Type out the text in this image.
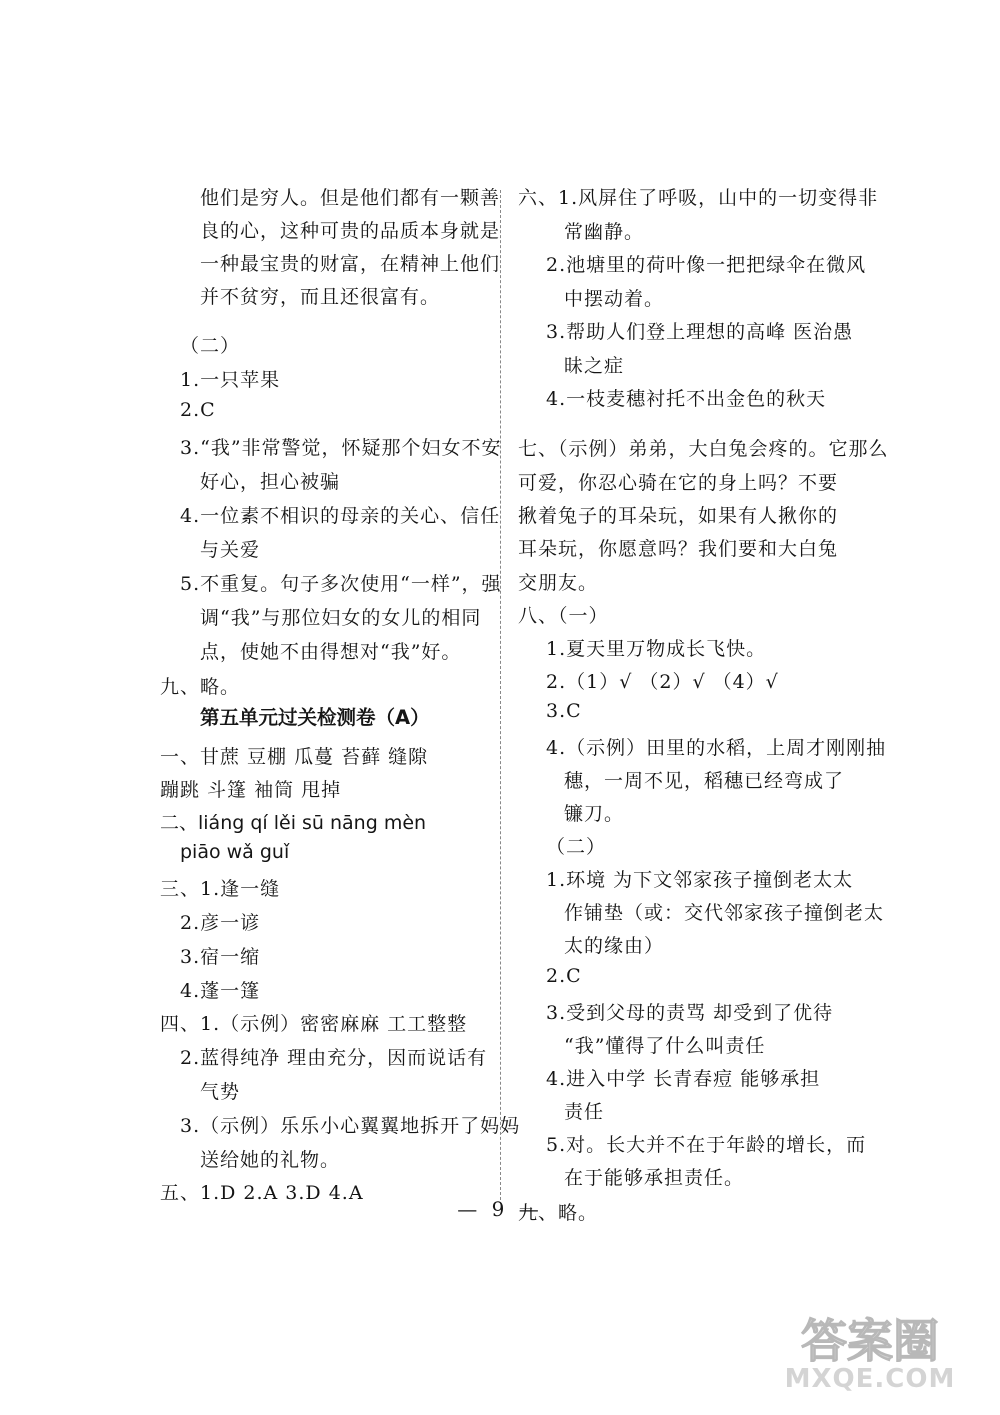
他们是穷人。但是他们都有一颗善
良的心，这种可贵的品质本身就是
一种最宝贵的财富，在精神上他们
并不贫穷，而且还很富有。
（二）
1.一只苹果
2.C
3.“我”非常警觉，怀疑那个妇女不安
好心，担心被骗
4.一位素不相识的母亲的关心、信任
与关爱
5.不重复。句子多次使用“一样”，强
调“我”与那位妇女的女儿的相同
点，使她不由得想对“我”好。
九、略。
第五单元过关检测卷（A）
一、甘蔗 豆棚 瓜蔓 苔藓 缝隙
蹦跳 斗篷 袖筒 甩掉
二、liáng qí lěi sū nāng mèn
piāo wǎ guǐ
三、1.逢一缝
2.彦一谚
3.宿一缩
4.蓬一篷
四、1.（示例）密密麻麻 工工整整
2.蓝得纯净 理由充分，因而说话有
气势
3.（示例）乐乐小心翼翼地拆开了妈妈
送给她的礼物。
五、1.D 2.A 3.D 4.A
六、1.风屏住了呼吸，山中的一切变得非
常幽静。
2.池塘里的荷叶像一把把绿伞在微风
中摆动着。
3.帮助人们登上理想的高峰 医治愚
昧之症
4.一枝麦穗衬托不出金色的秋天
七、（示例）弟弟，大白兔会疼的。它那么
可爱，你忍心骑在它的身上吗？不要
揪着兔子的耳朵玩，如果有人揪你的
耳朵玩，你愿意吗？我们要和大白兔
交朋友。
八、（一）
1.夏天里万物成长飞快。
2.（1）√ （2）√ （4）√
3.C
4.（示例）田里的水稻，上周才刚刚抽
穗，一周不见，稻穗已经弯成了
镰刀。
（二）
1.环境 为下文邻家孩子撞倒老太太
作铺垫（或：交代邻家孩子撞倒老太
太的缘由）
2.C
3.受到父母的责骂 却受到了优待
“我”懂得了什么叫责任
4.进入中学 长青春痘 能够承担
责任
5.对。长大并不在于年龄的增长，而
在于能够承担责任。
九、略。
— 9 —
答案圈
MXQE.COM
